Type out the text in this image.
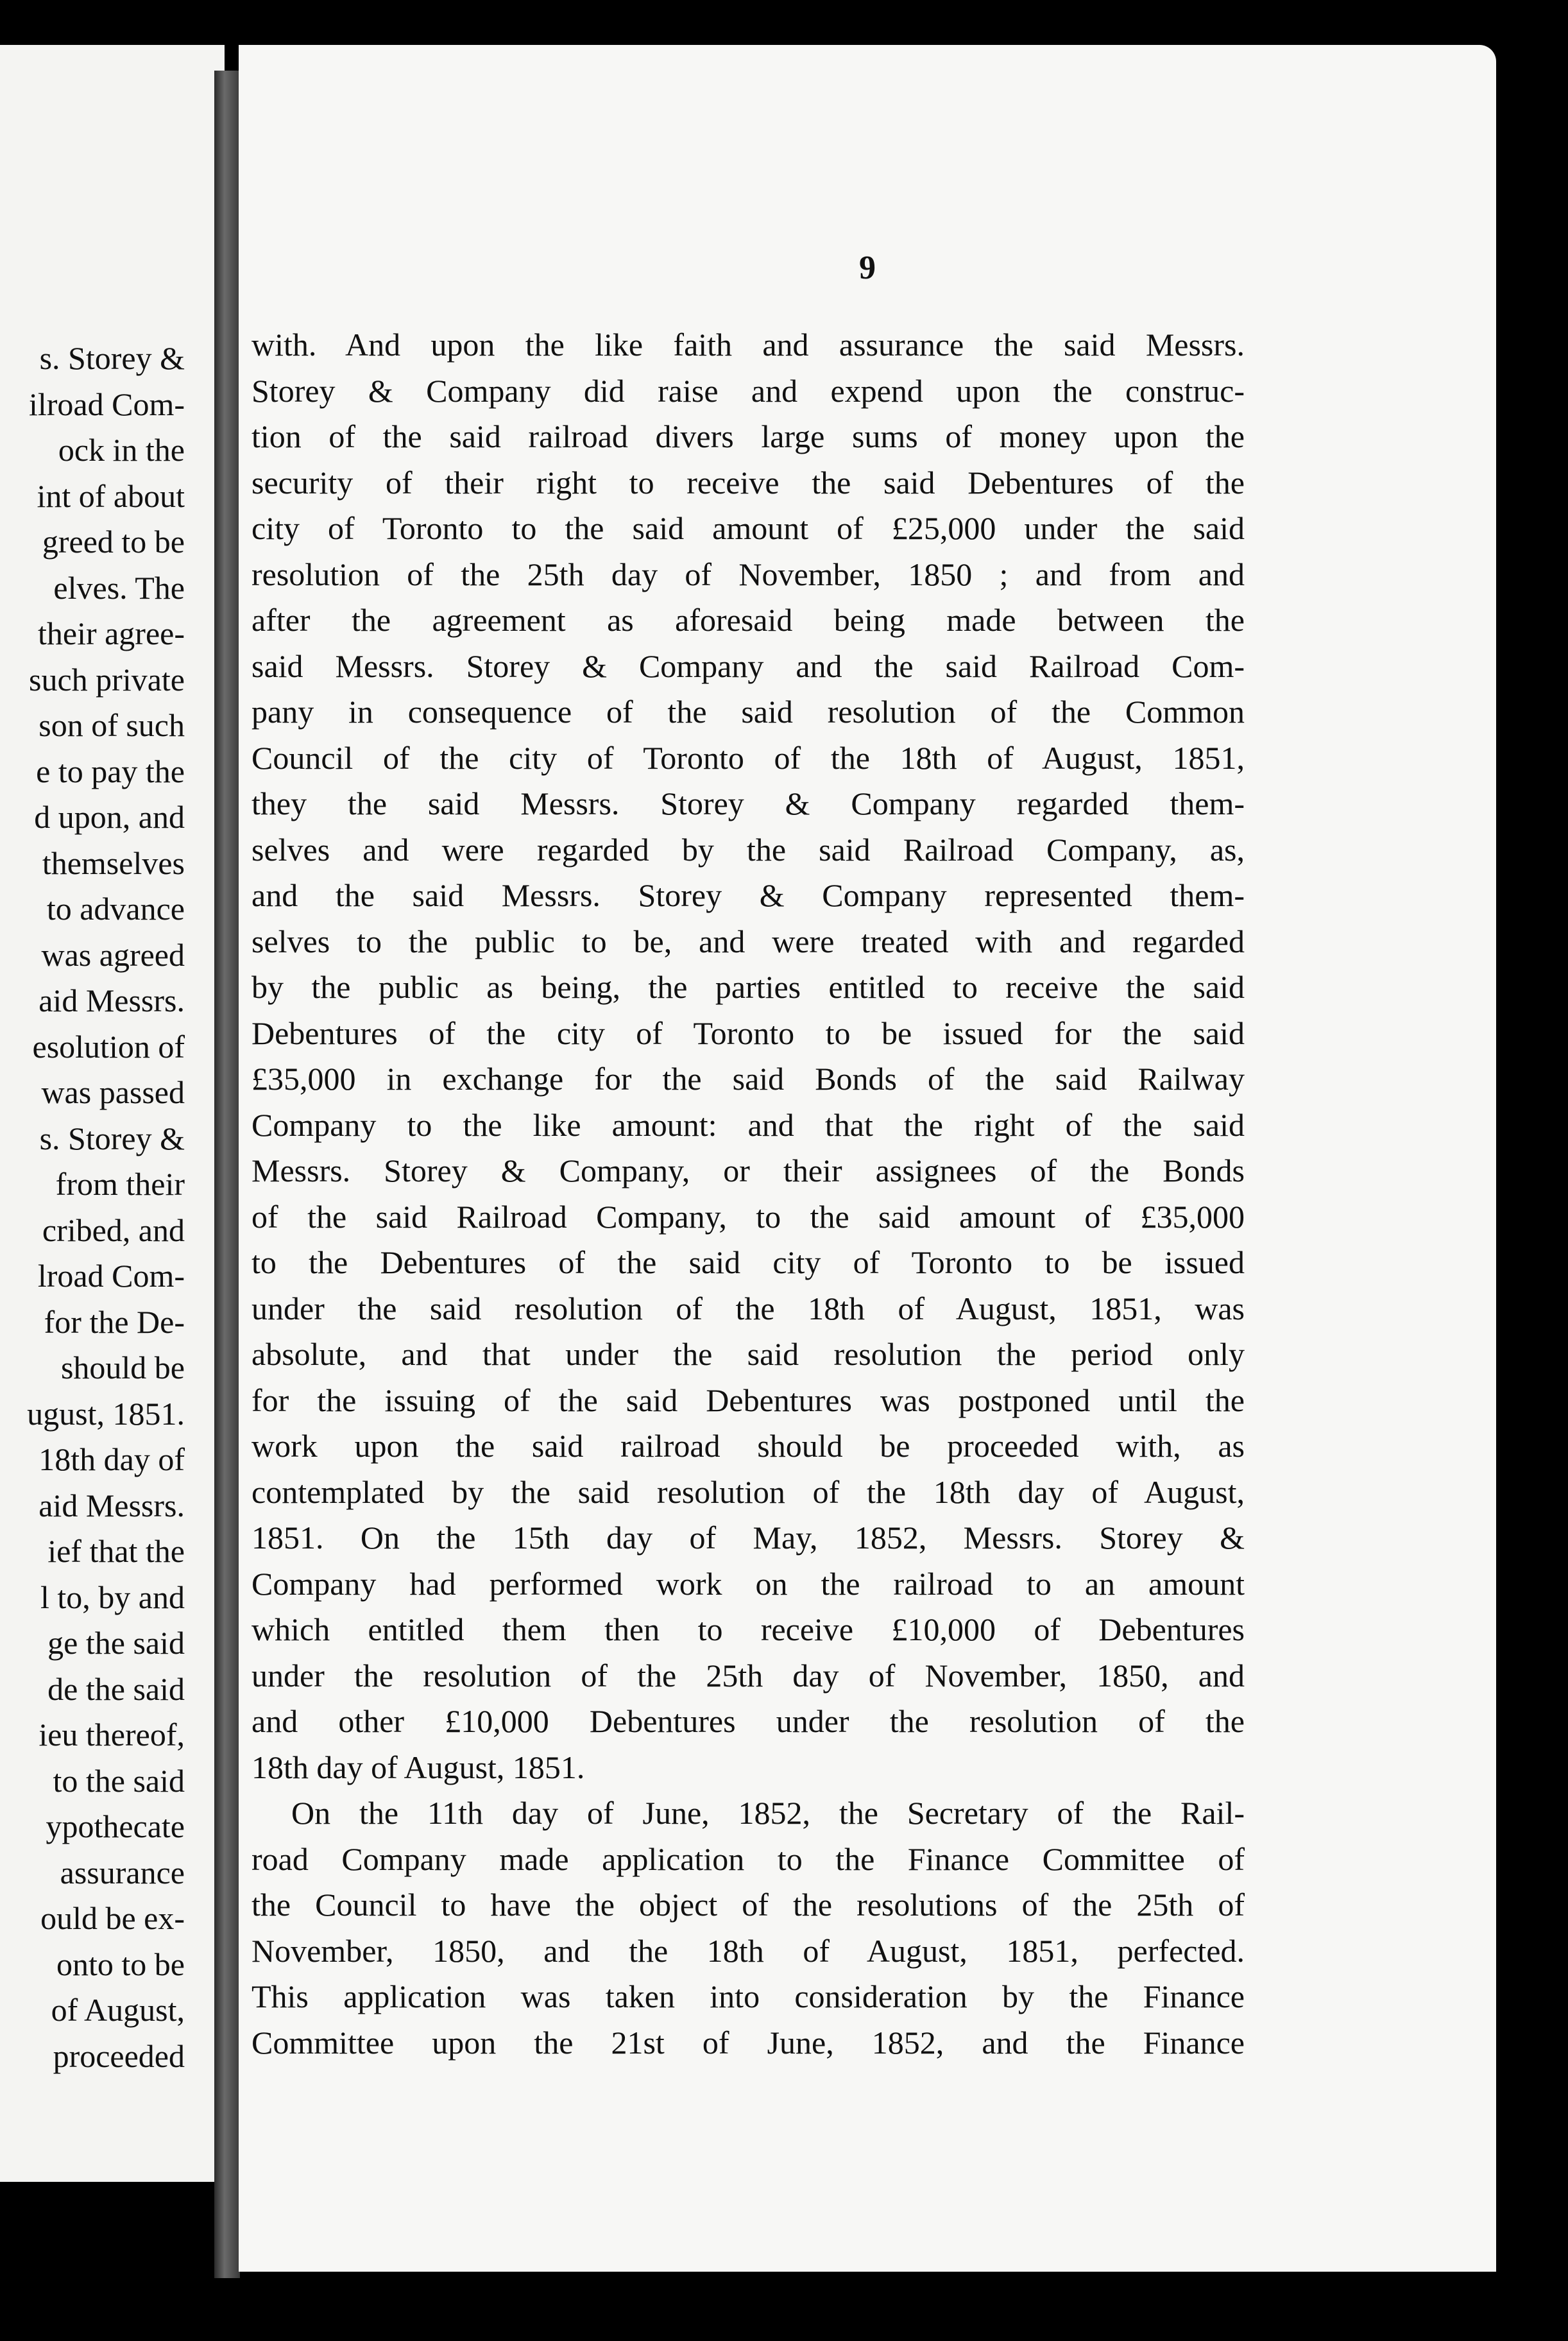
s. Storey &
ilroad Com-
ock in the
int of about
greed to be
elves. The
their agree-
such private
son of such
e to pay the
d upon, and
themselves
to advance
was agreed
aid Messrs.
esolution of
was passed
s. Storey &
from their
cribed, and
lroad Com-
for the De-
should be
ugust, 1851.
18th day of
aid Messrs.
ief that the
l to, by and
ge the said
de the said
ieu thereof,
to the said
ypothecate
assurance
ould be ex-
onto to be
of August,
proceeded
9
with. And upon the like faith and assurance the said Messrs.
Storey & Company did raise and expend upon the construc-
tion of the said railroad divers large sums of money upon the
security of their right to receive the said Debentures of the
city of Toronto to the said amount of £25,000 under the said
resolution of the 25th day of November, 1850 ; and from and
after the agreement as aforesaid being made between the
said Messrs. Storey & Company and the said Railroad Com-
pany in consequence of the said resolution of the Common
Council of the city of Toronto of the 18th of August, 1851,
they the said Messrs. Storey & Company regarded them-
selves and were regarded by the said Railroad Company, as,
and the said Messrs. Storey & Company represented them-
selves to the public to be, and were treated with and regarded
by the public as being, the parties entitled to receive the said
Debentures of the city of Toronto to be issued for the said
£35,000 in exchange for the said Bonds of the said Railway
Company to the like amount: and that the right of the said
Messrs. Storey & Company, or their assignees of the Bonds
of the said Railroad Company, to the said amount of £35,000
to the Debentures of the said city of Toronto to be issued
under the said resolution of the 18th of August, 1851, was
absolute, and that under the said resolution the period only
for the issuing of the said Debentures was postponed until the
work upon the said railroad should be proceeded with, as
contemplated by the said resolution of the 18th day of August,
1851. On the 15th day of May, 1852, Messrs. Storey &
Company had performed work on the railroad to an amount
which entitled them then to receive £10,000 of Debentures
under the resolution of the 25th day of November, 1850, and
and other £10,000 Debentures under the resolution of the
18th day of August, 1851.
On the 11th day of June, 1852, the Secretary of the Rail-
road Company made application to the Finance Committee of
the Council to have the object of the resolutions of the 25th of
November, 1850, and the 18th of August, 1851, perfected.
This application was taken into consideration by the Finance
Committee upon the 21st of June, 1852, and the Finance
